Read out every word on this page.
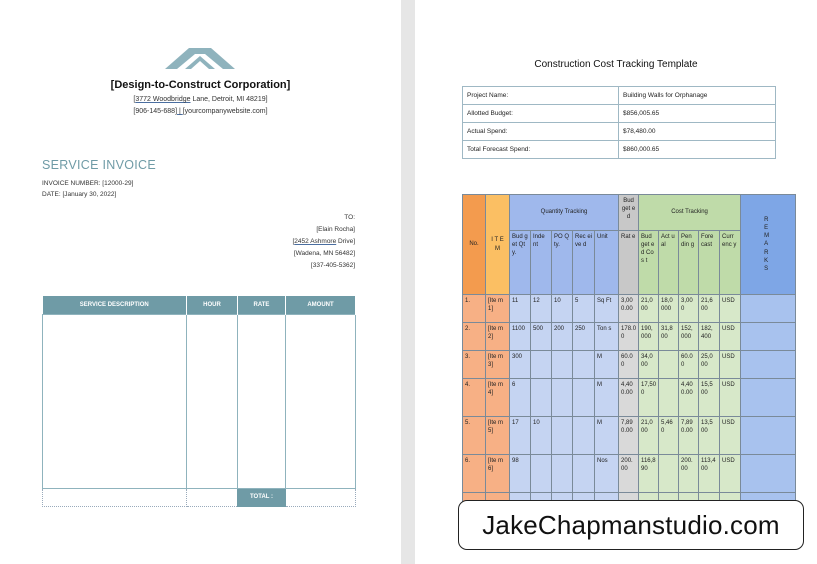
[Design-to-Construct Corporation]
[3772 Woodbridge Lane, Detroit, MI 48219]
[906-145-688] | [yourcompanywebsite.com]
SERVICE INVOICE
INVOICE NUMBER: [12000-29]
DATE: [January 30, 2022]
TO:
[Elain Rocha]
[2452 Ashmore Drive]
[Wadena, MN 56482]
[337-405-5362]
SERVICE DESCRIPTION	HOUR	RATE	AMOUNT

		TOTAL :	
Construction Cost Tracking Template
Project Name:	Building Walls for Orphanage
Allotted Budget:	$856,005.65
Actual Spend:	$78,480.00
Total Forecast Spend:	$860,000.65
No.	I T E M	Quantity Tracking					Bud get ed	Cost Tracking					R E M A R K S

		Bud get Qty.	Inde nt	PO Qty.	Rec eive d	Unit	Rat e	Bud get ed Cos t	Act ual	Pen din g	Fore cast	Curr enc y	
1.	[Ite m 1]	11	12	10	5	Sq Ft	3,00 0.00	21,0 00	18,0 000	3,00 0	21,6 00	USD	
2.	[Ite m 2]	1100	500	200	250	Ton s	178.0 0	190, 000	31,8 00	152, 000	182, 400	USD	
3.	[Ite m 3]	300				M	60.0 0	34,0 00		60.0 0	25,0 00	USD	
4.	[Ite m 4]	6				M	4,40 0.00	17,50 0		4,40 0.00	15,5 00	USD	
5.	[Ite m 5]	17	10			M	7,89 0.00	21,0 00	5,46 0	7,89 0.00	13,5 00	USD	
6.	[Ite m 6]	98				Nos	200. 00	116,8 90		200. 00	113,4 00	USD	

JakeChapmanstudio.com
